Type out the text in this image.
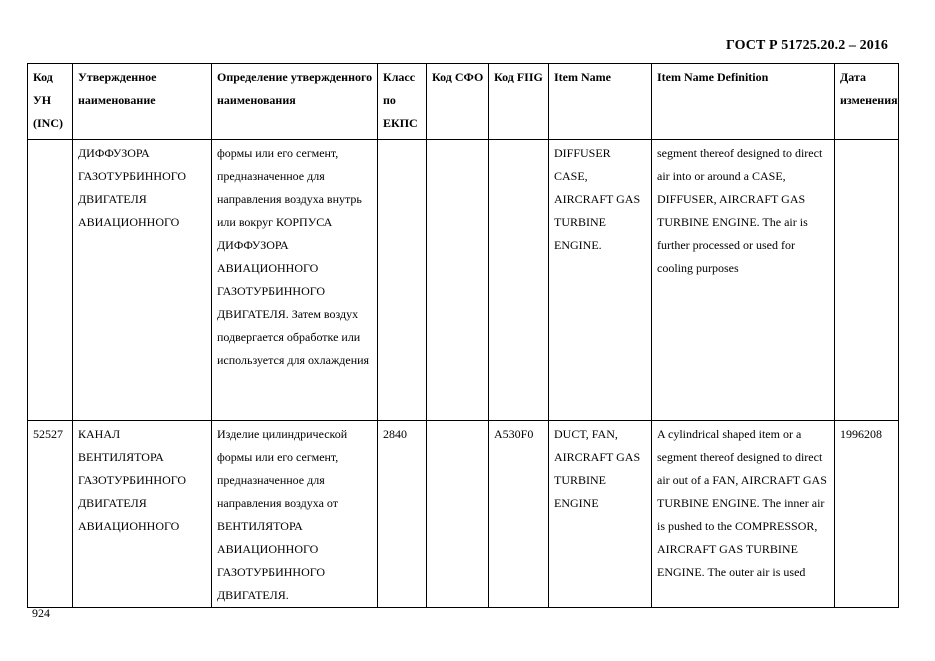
ГОСТ Р 51725.20.2 – 2016
Код УН (INC)	Утвержденное наименование	Определение утвержденного наименования	Класс по ЕКПС	Код СФО	Код FIIG	Item Name	Item Name Definition	Дата изменения
	ДИФФУЗОРА ГАЗОТУРБИННОГО ДВИГАТЕЛЯ АВИАЦИОННОГО	формы или его сегмент, предназначенное для направления воздуха внутрь или вокруг КОРПУСА ДИФФУЗОРА АВИАЦИОННОГО ГАЗОТУРБИННОГО ДВИГАТЕЛЯ. Затем воздух подвергается обработке или используется для охлаждения				DIFFUSER CASE, AIRCRAFT GAS TURBINE ENGINE.	segment thereof designed to direct air into or around a CASE, DIFFUSER, AIRCRAFT GAS TURBINE ENGINE. The air is further processed or used for cooling purposes	
52527	КАНАЛ ВЕНТИЛЯТОРА ГАЗОТУРБИННОГО ДВИГАТЕЛЯ АВИАЦИОННОГО	Изделие цилиндрической формы или его сегмент, предназначенное для направления воздуха от ВЕНТИЛЯТОРА АВИАЦИОННОГО ГАЗОТУРБИННОГО ДВИГАТЕЛЯ.	2840		A530F0	DUCT, FAN, AIRCRAFT GAS TURBINE ENGINE	A cylindrical shaped item or a segment thereof designed to direct air out of a FAN, AIRCRAFT GAS TURBINE ENGINE. The inner air is pushed to the COMPRESSOR, AIRCRAFT GAS TURBINE ENGINE. The outer air is used	1996208
924
